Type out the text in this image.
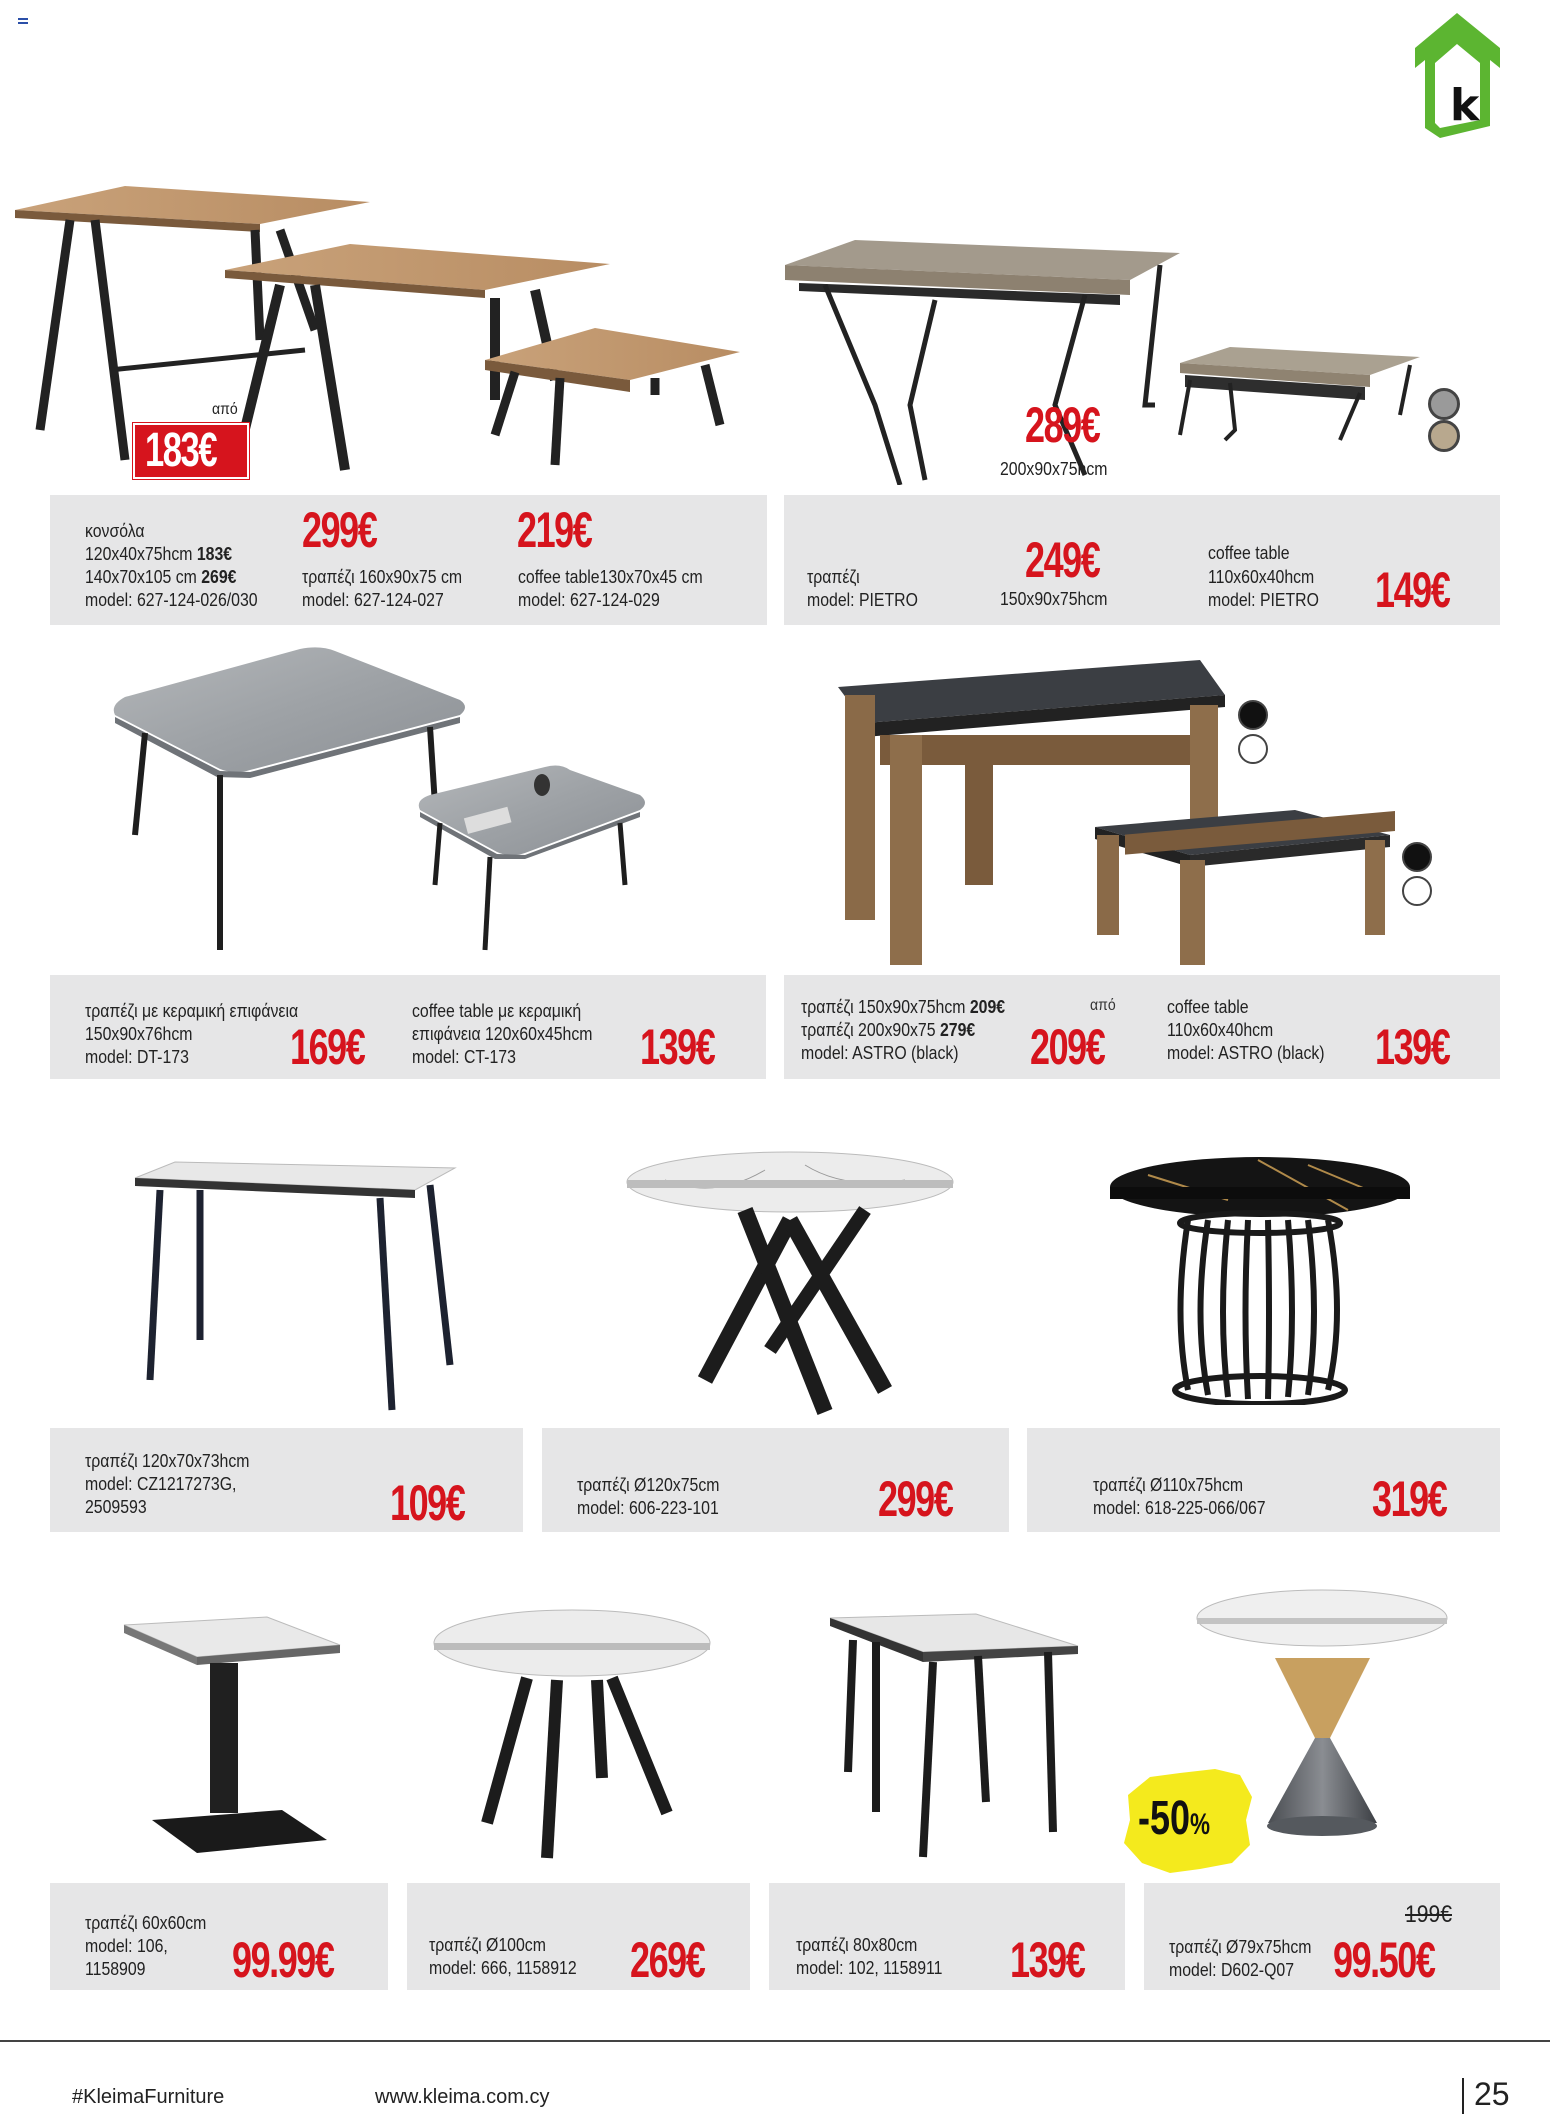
k
από
183€	289€
200x90x75hcm
κονσόλα
120x40x75hcm 183€
140x70x105 cm 269€
model: 627-124-026/030
299€
τραπέζι 160x90x75 cm
model: 627-124-027
219€
coffee table130x70x45 cm
model: 627-124-029
τραπέζι
model: PIETRO
249€
150x90x75hcm
coffee table
110x60x40hcm
model: PIETRO 149€
τραπέζι με κεραμική επιφάνεια
150x90x76hcm
model: DT-173 169€
coffee table με κεραμική
επιφάνεια 120x60x45hcm
model: CT-173 139€
τραπέζι 150x90x75hcm 209€
τραπέζι 200x90x75 279€
model: ASTRO (black)
από
209€
coffee table
110x60x40hcm
model: ASTRO (black) 139€
τραπέζι 120x70x73hcm
model: CZ1217273G,
2509593	109€	τραπέζι Ø120x75cm
model: 606-223-101	299€	τραπέζι Ø110x75hcm
model: 618-225-066/067 319€
-50%
τραπέζι 60x60cm
model: 106,
1158909 99.99€	τραπέζι Ø100cm
model: 666, 1158912 269€	τραπέζι 80x80cm
model: 102, 1158911 139€
199€
τραπέζι Ø79x75hcm
model: D602-Q07 99.50€
#KleimaFurniture	www.kleima.com.cy	25
